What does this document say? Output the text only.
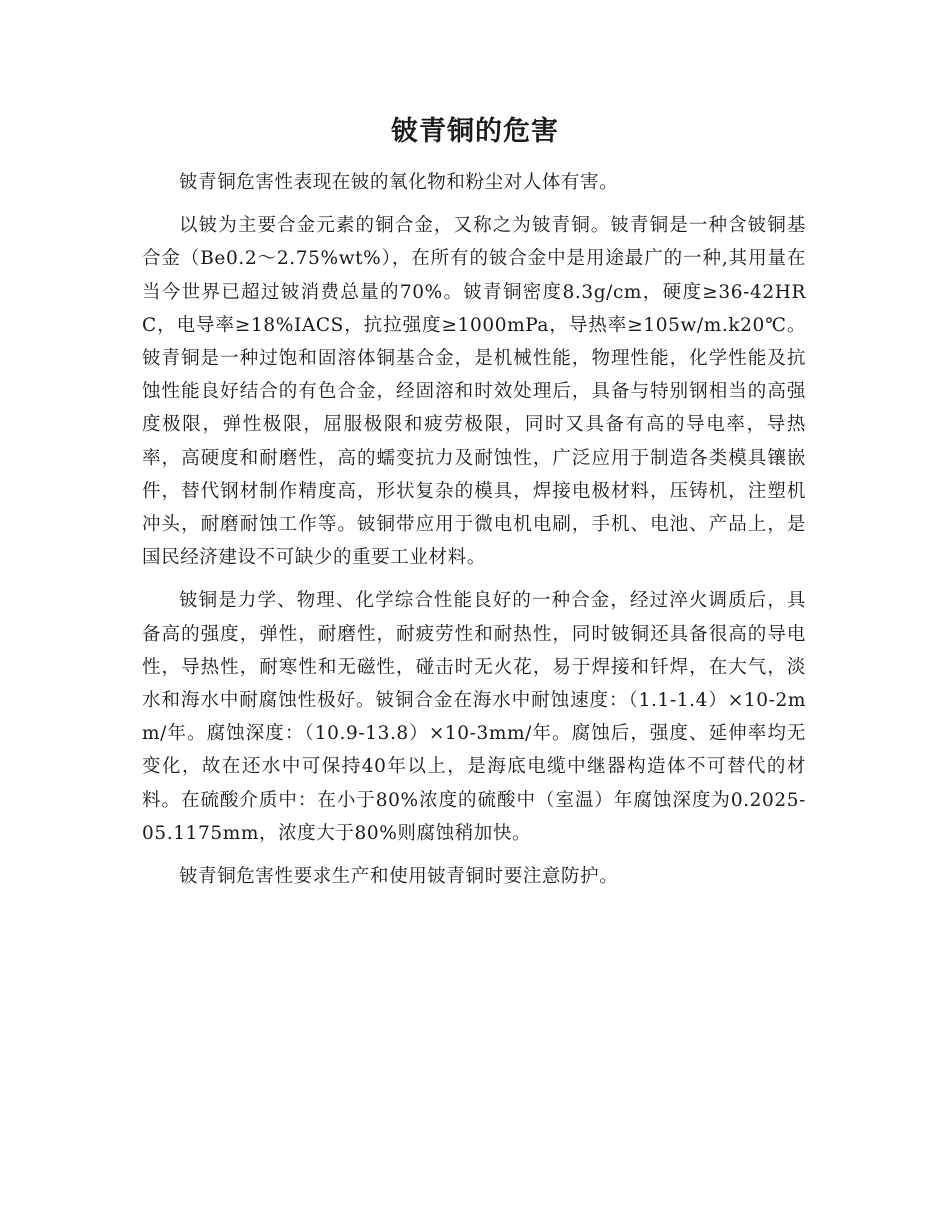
铍青铜的危害

铍青铜危害性表现在铍的氧化物和粉尘对人体有害。

以铍为主要合金元素的铜合金，又称之为铍青铜。铍青铜是一种含铍铜基合金（Be0.2～2.75%wt%），在所有的铍合金中是用途最广的一种,其用量在当今世界已超过铍消费总量的70%。铍青铜密度8.3g/cm，硬度≥36-42HRC，电导率≥18%IACS，抗拉强度≥1000mPa，导热率≥105w/m.k20℃。铍青铜是一种过饱和固溶体铜基合金，是机械性能，物理性能，化学性能及抗蚀性能良好结合的有色合金，经固溶和时效处理后，具备与特别钢相当的高强度极限，弹性极限，屈服极限和疲劳极限，同时又具备有高的导电率，导热率，高硬度和耐磨性，高的蠕变抗力及耐蚀性，广泛应用于制造各类模具镶嵌件，替代钢材制作精度高，形状复杂的模具，焊接电极材料，压铸机，注塑机冲头，耐磨耐蚀工作等。铍铜带应用于微电机电刷，手机、电池、产品上，是国民经济建设不可缺少的重要工业材料。

铍铜是力学、物理、化学综合性能良好的一种合金，经过淬火调质后，具备高的强度，弹性，耐磨性，耐疲劳性和耐热性，同时铍铜还具备很高的导电性，导热性，耐寒性和无磁性，碰击时无火花，易于焊接和钎焊，在大气，淡水和海水中耐腐蚀性极好。铍铜合金在海水中耐蚀速度：（1.1-1.4）×10-2mm/年。腐蚀深度：（10.9-13.8）×10-3mm/年。腐蚀后，强度、延伸率均无变化，故在还水中可保持40年以上，是海底电缆中继器构造体不可替代的材料。在硫酸介质中：在小于80%浓度的硫酸中（室温）年腐蚀深度为0.2025-05.1175mm，浓度大于80%则腐蚀稍加快。

铍青铜危害性要求生产和使用铍青铜时要注意防护。
